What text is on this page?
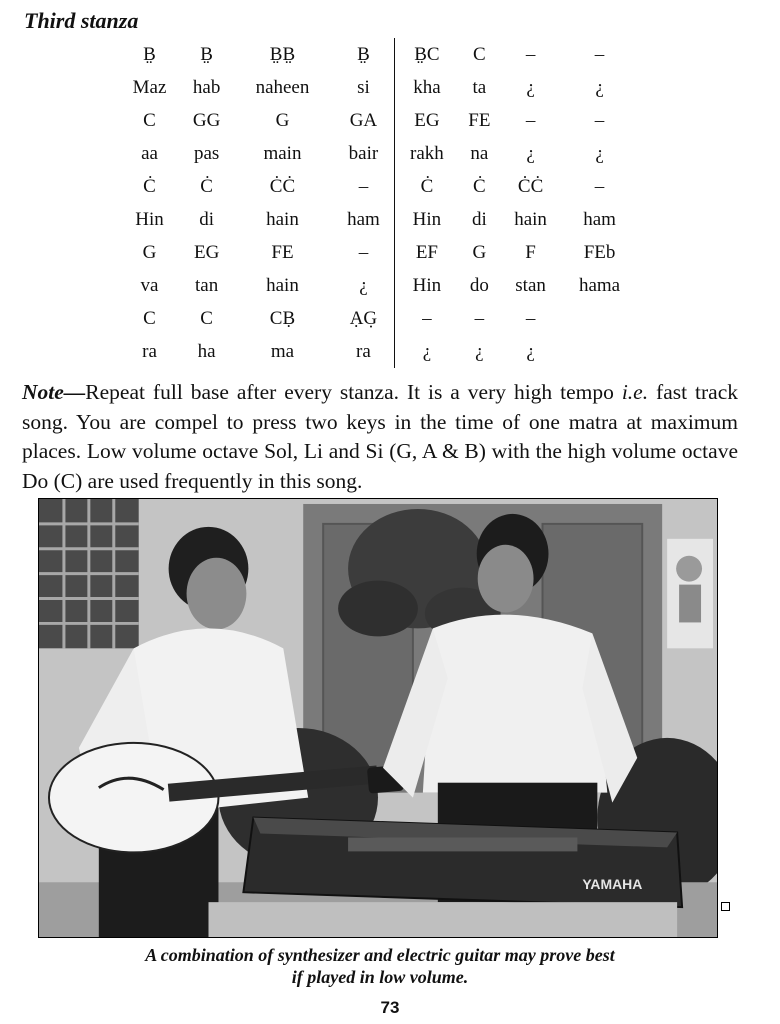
Third stanza
B̤	B̤	B̤B̤	B̤	B̤C	C	–	–
Maz	hab	naheen	si	kha	ta	¿	¿
C	GG	G	GA	EG	FE	–	–
aa	pas	main	bair	rakh	na	¿	¿
Ċ	Ċ	ĊĊ	–	Ċ	Ċ	ĊĊ	–
Hin	di	hain	ham	Hin	di	hain	ham
G	EG	FE	–	EF	G	F	FEb
va	tan	hain	¿	Hin	do	stan	hama
C	C	CḄ	ẠG̣	–	–	–	
ra	ha	ma	ra	¿	¿	¿	

Note—Repeat full base after every stanza. It is a very high tempo i.e. fast track song. You are compel to press two keys in the time of one matra at maximum places. Low volume octave Sol, Li and Si (G, A & B) with the high volume octave Do (C) are used frequently in this song.

YAMAHA
A combination of synthesizer and electric guitar may prove best
if played in low volume.
73
